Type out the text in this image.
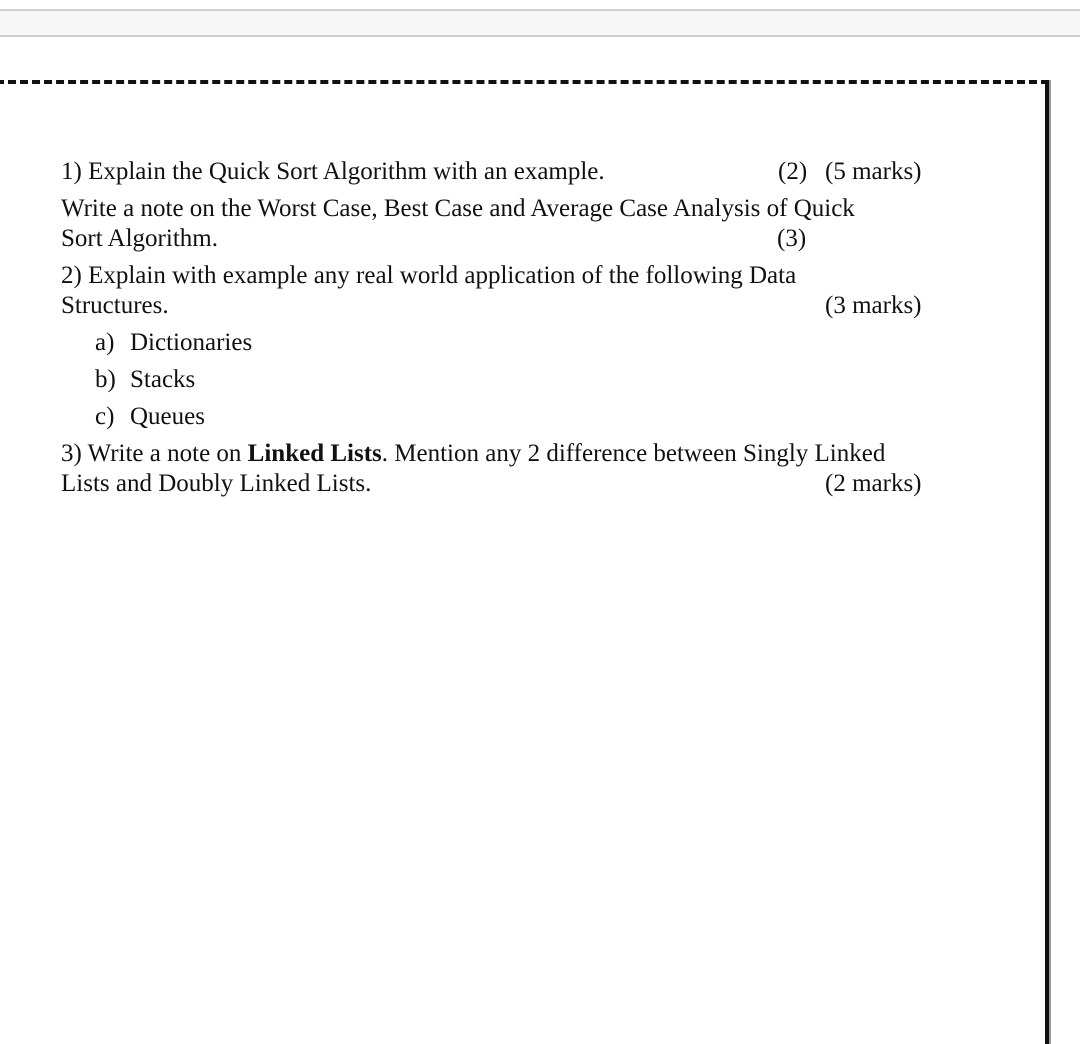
1) Explain the Quick Sort Algorithm with an example.	(2) (5 marks)
Write a note on the Worst Case, Best Case and Average Case Analysis of Quick
Sort Algorithm.	(3)
2) Explain with example any real world application of the following Data
Structures.	(3 marks)
a) Dictionaries
b) Stacks
c) Queues
3) Write a note on Linked Lists. Mention any 2 difference between Singly Linked
Lists and Doubly Linked Lists.	(2 marks)
